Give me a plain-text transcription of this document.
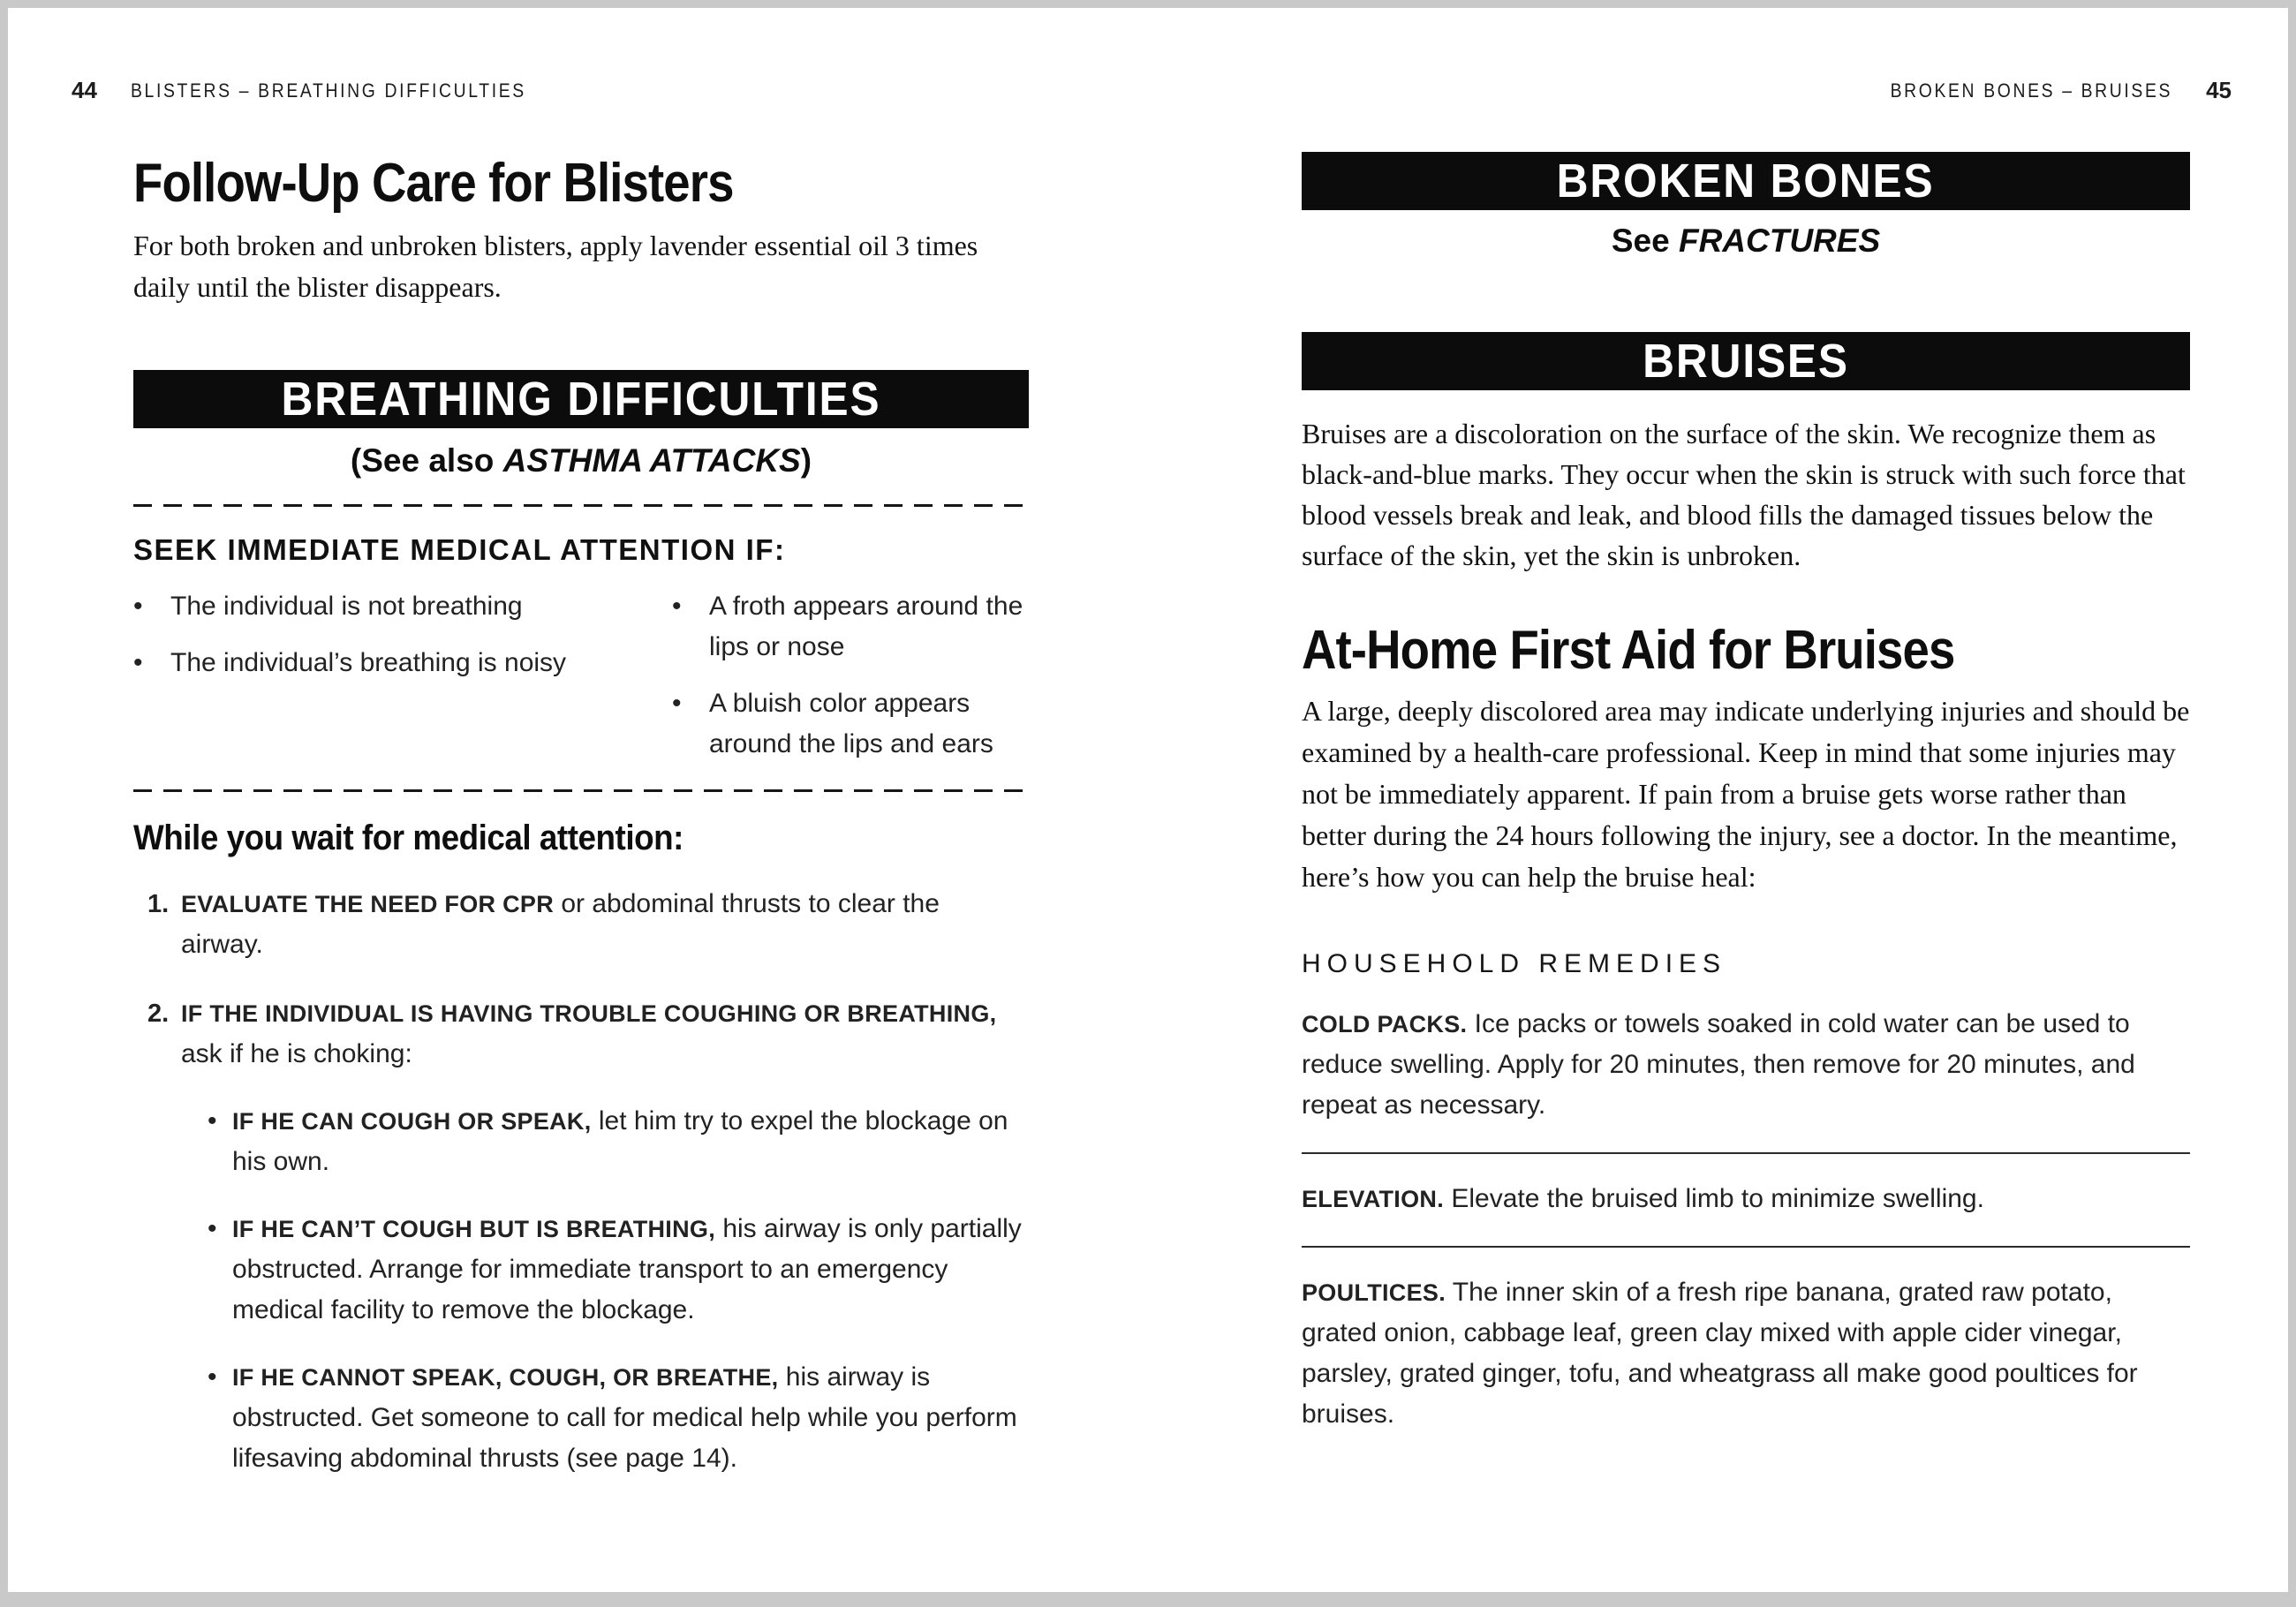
44 BLISTERS – BREATHING DIFFICULTIES	BROKEN BONES – BRUISES 45
Follow-Up Care for Blisters

For both broken and unbroken blisters, apply lavender essential oil 3 times daily until the blister disappears.

BREATHING DIFFICULTIES
(See also ASTHMA ATTACKS)
SEEK IMMEDIATE MEDICAL ATTENTION IF:
•	The individual is not breathing
•	The individual’s breathing is noisy
•	A froth appears around the lips or nose
•	A bluish color appears around the lips and ears
While you wait for medical attention:
1. EVALUATE THE NEED FOR CPR or abdominal thrusts to clear the airway.
2. IF THE INDIVIDUAL IS HAVING TROUBLE COUGHING OR BREATHING, ask if he is choking:
• IF HE CAN COUGH OR SPEAK, let him try to expel the blockage on his own.
• IF HE CAN’T COUGH BUT IS BREATHING, his airway is only partially obstructed. Arrange for immediate transport to an emergency medical facility to remove the blockage.
• IF HE CANNOT SPEAK, COUGH, OR BREATHE, his airway is obstructed. Get someone to call for medical help while you perform lifesaving abdominal thrusts (see page 14).
BROKEN BONES
See FRACTURES
BRUISES

Bruises are a discoloration on the surface of the skin. We recognize them as black-and-blue marks. They occur when the skin is struck with such force that blood vessels break and leak, and blood fills the damaged tissues below the surface of the skin, yet the skin is unbroken.

At-Home First Aid for Bruises

A large, deeply discolored area may indicate underlying injuries and should be examined by a health-care professional. Keep in mind that some injuries may not be immediately apparent. If pain from a bruise gets worse rather than better during the 24 hours following the injury, see a doctor. In the meantime, here’s how you can help the bruise heal:

HOUSEHOLD REMEDIES

COLD PACKS. Ice packs or towels soaked in cold water can be used to reduce swelling. Apply for 20 minutes, then remove for 20 minutes, and repeat as necessary.

ELEVATION. Elevate the bruised limb to minimize swelling.

POULTICES. The inner skin of a fresh ripe banana, grated raw potato, grated onion, cabbage leaf, green clay mixed with apple cider vinegar, parsley, grated ginger, tofu, and wheatgrass all make good poultices for bruises.
